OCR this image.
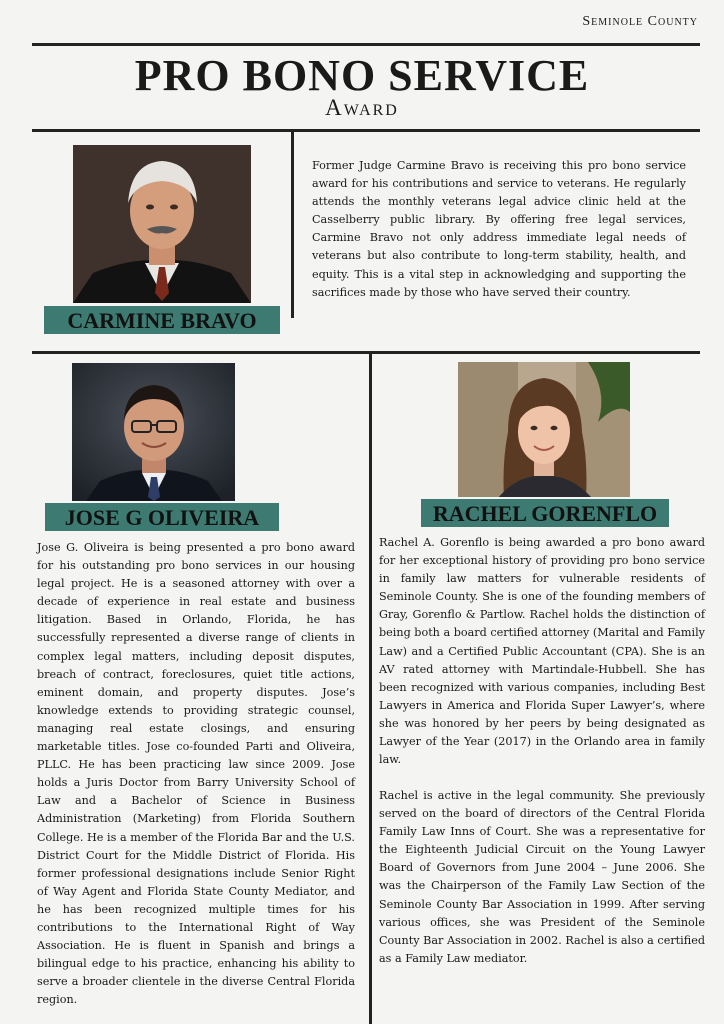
Seminole County
PRO BONO SERVICE
Award
CARMINE BRAVO
Former Judge Carmine Bravo is receiving this pro bono service award for his contributions and service to veterans. He regularly attends the monthly veterans legal advice clinic held at the Casselberry public library. By offering free legal services, Carmine Bravo not only address immediate legal needs of veterans but also contribute to long-term stability, health, and equity. This is a vital step in acknowledging and supporting the sacrifices made by those who have served their country.
JOSE G OLIVEIRA
Jose G. Oliveira is being presented a pro bono award for his outstanding pro bono services in our housing legal project. He is a seasoned attorney with over a decade of experience in real estate and business litigation. Based in Orlando, Florida, he has successfully represented a diverse range of clients in complex legal matters, including deposit disputes, breach of contract, foreclosures, quiet title actions, eminent domain, and property disputes. Jose’s knowledge extends to providing strategic counsel, managing real estate closings, and ensuring marketable titles. Jose co-founded Parti and Oliveira, PLLC. He has been practicing law since 2009. Jose holds a Juris Doctor from Barry University School of Law and a Bachelor of Science in Business Administration (Marketing) from Florida Southern College. He is a member of the Florida Bar and the U.S. District Court for the Middle District of Florida. His former professional designations include Senior Right of Way Agent and Florida State County Mediator, and he has been recognized multiple times for his contributions to the International Right of Way Association. He is fluent in Spanish and brings a bilingual edge to his practice, enhancing his ability to serve a broader clientele in the diverse Central Florida region.
RACHEL GORENFLO
Rachel A. Gorenflo is being awarded a pro bono award for her exceptional history of providing pro bono service in family law matters for vulnerable residents of Seminole County. She is one of the founding members of Gray, Gorenflo & Partlow. Rachel holds the distinction of being both a board certified attorney (Marital and Family Law) and a Certified Public Accountant (CPA). She is an AV rated attorney with Martindale-Hubbell. She has been recognized with various companies, including Best Lawyers in America and Florida Super Lawyer’s, where she was honored by her peers by being designated as Lawyer of the Year (2017) in the Orlando area in family law.
Rachel is active in the legal community. She previously served on the board of directors of the Central Florida Family Law Inns of Court. She was a representative for the Eighteenth Judicial Circuit on the Young Lawyer Board of Governors from June 2004 – June 2006. She was the Chairperson of the Family Law Section of the Seminole County Bar Association in 1999. After serving various offices, she was President of the Seminole County Bar Association in 2002. Rachel is also a certified as a Family Law mediator.
